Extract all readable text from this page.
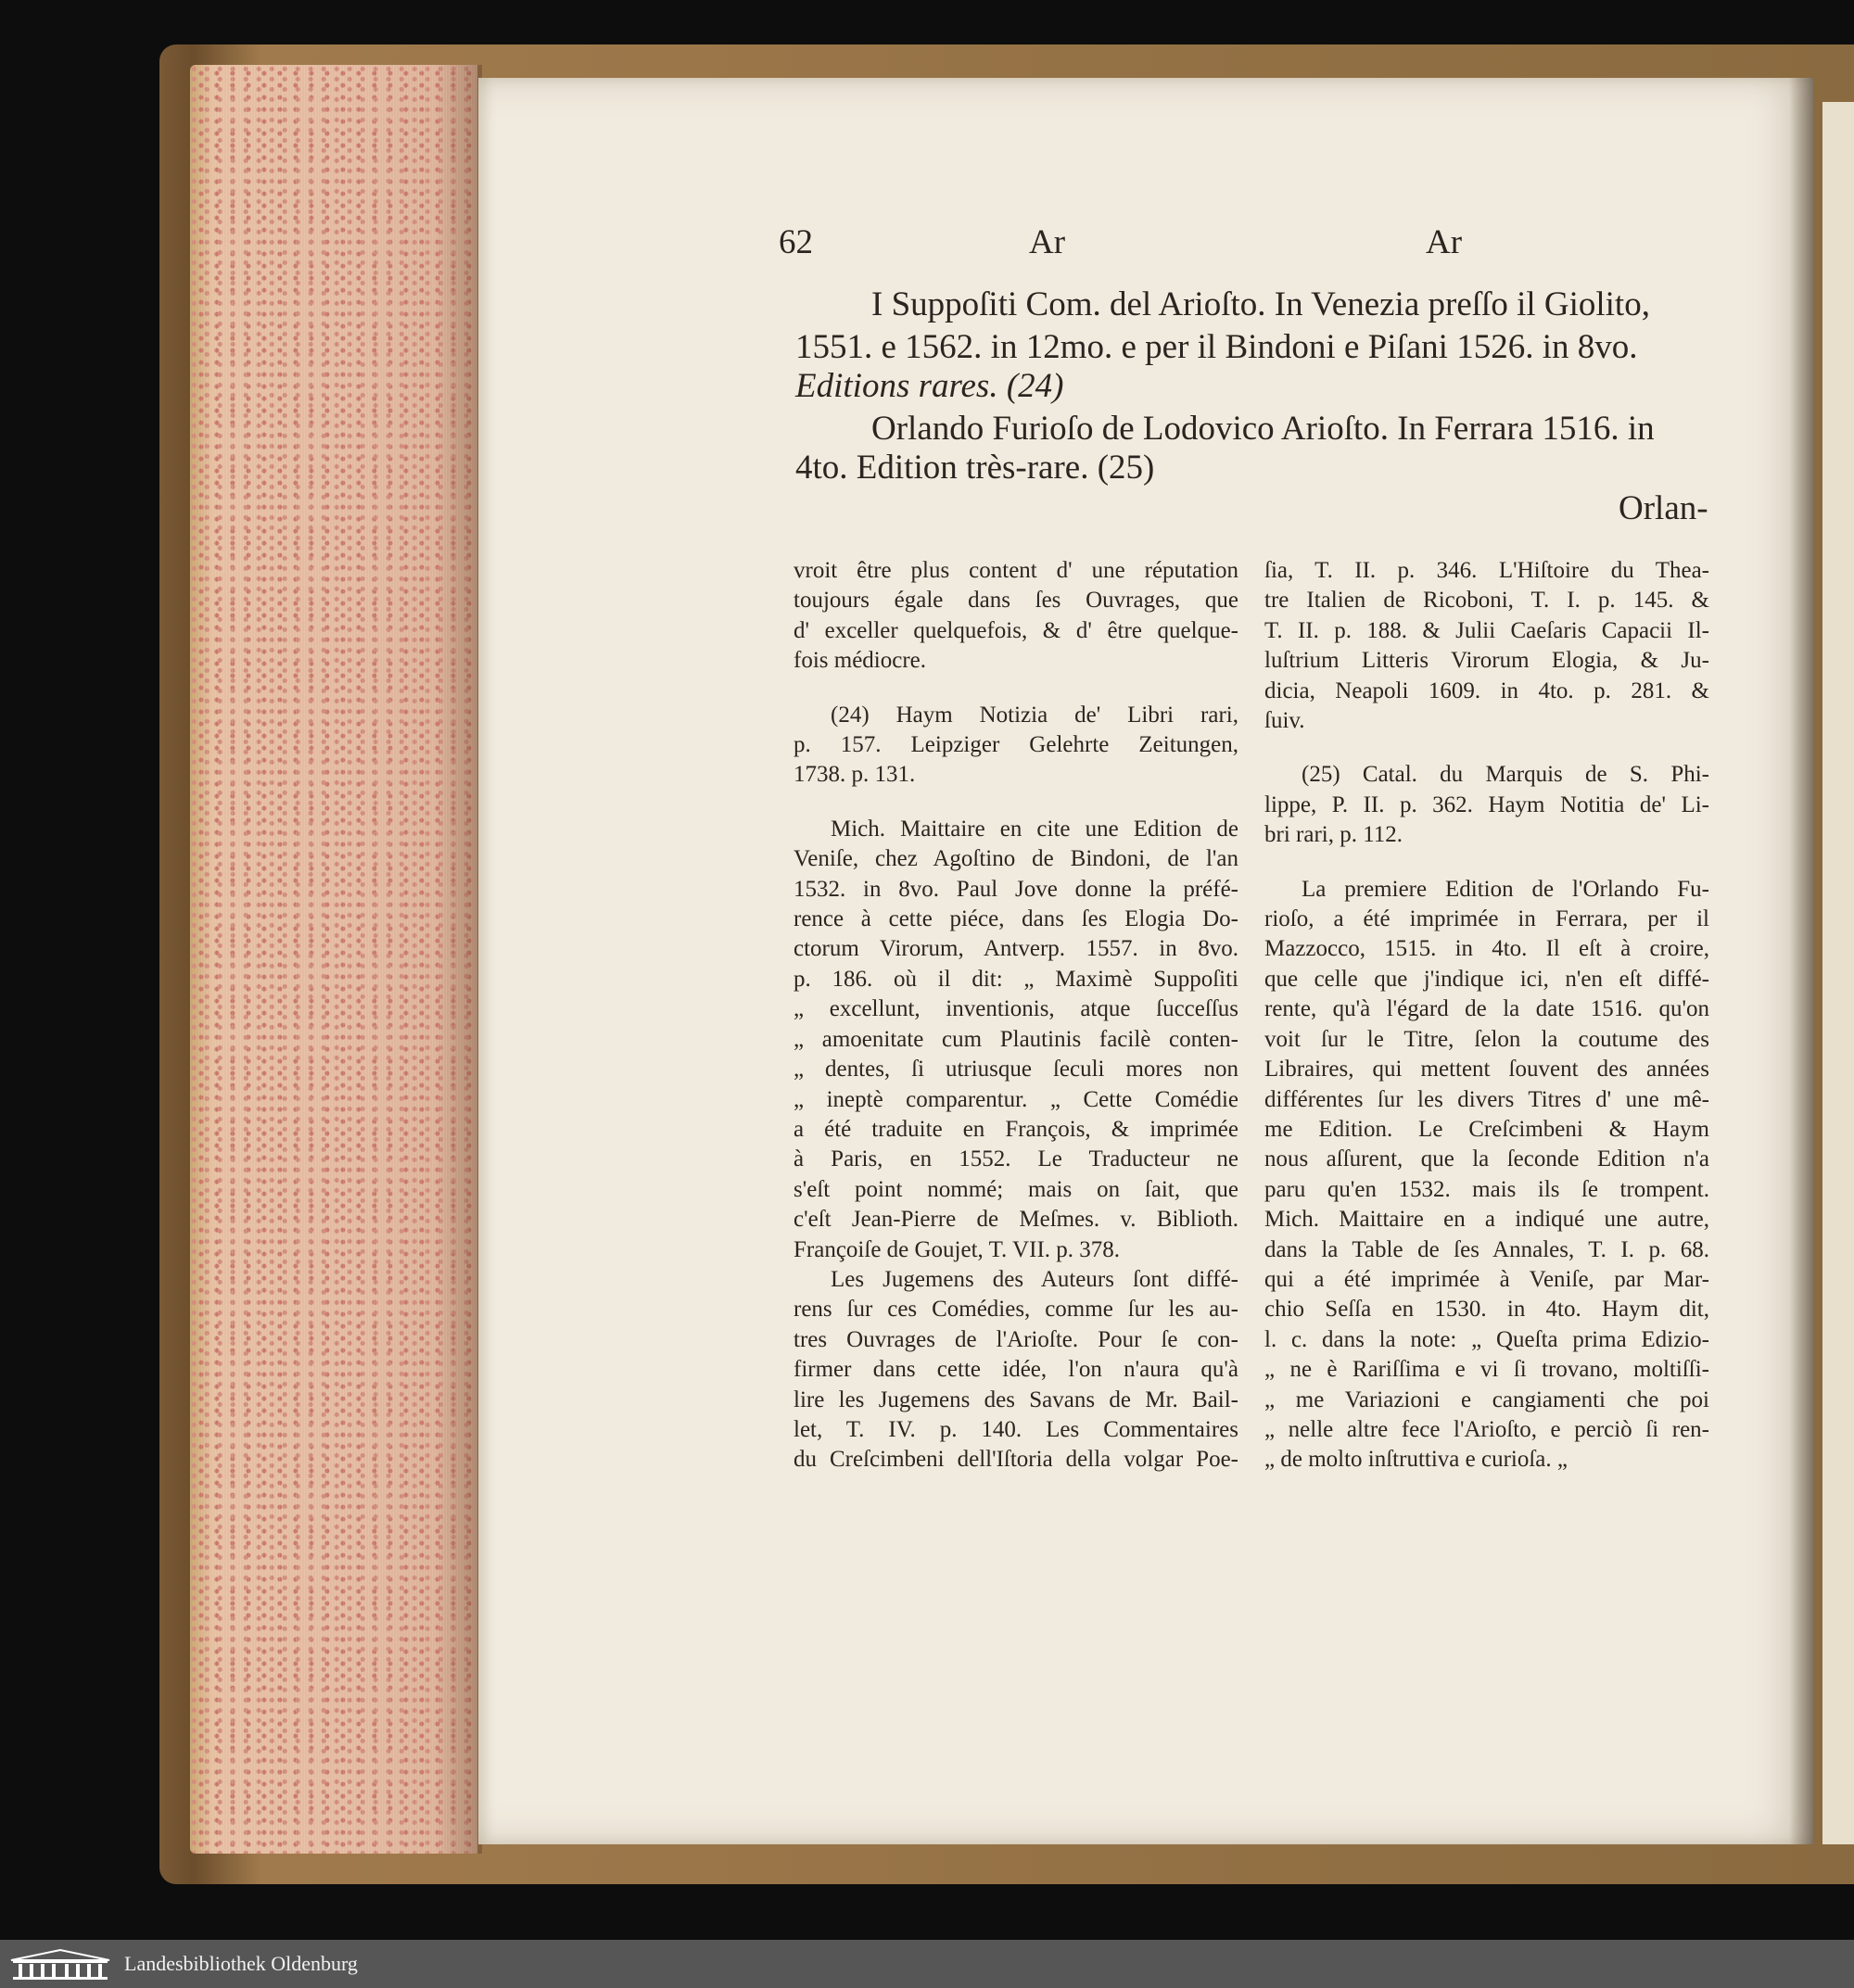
62	Ar	Ar
I Suppoſiti Com. del Arioſto. In Venezia preſſo il Giolito,
1551. e 1562. in 12mo. e per il Bindoni e Piſani 1526. in 8vo.
Editions rares. (24)
Orlando Furioſo de Lodovico Arioſto. In Ferrara 1516. in
4to. Edition très-rare. (25)
Orlan-

vroit être plus content d' une réputation

toujours égale dans ſes Ouvrages, que

d' exceller quelquefois, & d' être quelque-

fois médiocre.

(24) Haym Notizia de' Libri rari,

p. 157. Leipziger Gelehrte Zeitungen,

1738. p. 131.

Mich. Maittaire en cite une Edition de

Veniſe, chez Agoſtino de Bindoni, de l'an

1532. in 8vo. Paul Jove donne la préfé-

rence à cette piéce, dans ſes Elogia Do-

ctorum Virorum, Antverp. 1557. in 8vo.

p. 186. où il dit: „ Maximè Suppoſiti

„ excellunt, inventionis, atque ſucceſſus

„ amoenitate cum Plautinis facilè conten-

„ dentes, ſi utriusque ſeculi mores non

„ ineptè comparentur. „ Cette Comédie

a été traduite en François, & imprimée

à Paris, en 1552. Le Traducteur ne

s'eſt point nommé; mais on ſait, que

c'eſt Jean-Pierre de Meſmes. v. Biblioth.

Françoiſe de Goujet, T. VII. p. 378.

Les Jugemens des Auteurs ſont diffé-

rens ſur ces Comédies, comme ſur les au-

tres Ouvrages de l'Arioſte. Pour ſe con-

firmer dans cette idée, l'on n'aura qu'à

lire les Jugemens des Savans de Mr. Bail-

let, T. IV. p. 140. Les Commentaires

du Creſcimbeni dell'Iſtoria della volgar Poe-

ſia, T. II. p. 346. L'Hiſtoire du Thea-

tre Italien de Ricoboni, T. I. p. 145. &

T. II. p. 188. & Julii Caeſaris Capacii Il-

luſtrium Litteris Virorum Elogia, & Ju-

dicia, Neapoli 1609. in 4to. p. 281. &

ſuiv.

(25) Catal. du Marquis de S. Phi-

lippe, P. II. p. 362. Haym Notitia de' Li-

bri rari, p. 112.

La premiere Edition de l'Orlando Fu-

rioſo, a été imprimée in Ferrara, per il

Mazzocco, 1515. in 4to. Il eſt à croire,

que celle que j'indique ici, n'en eſt diffé-

rente, qu'à l'égard de la date 1516. qu'on

voit ſur le Titre, ſelon la coutume des

Libraires, qui mettent ſouvent des années

différentes ſur les divers Titres d' une mê-

me Edition. Le Creſcimbeni & Haym

nous aſſurent, que la ſeconde Edition n'a

paru qu'en 1532. mais ils ſe trompent.

Mich. Maittaire en a indiqué une autre,

dans la Table de ſes Annales, T. I. p. 68.

qui a été imprimée à Veniſe, par Mar-

chio Seſſa en 1530. in 4to. Haym dit,

l. c. dans la note: „ Queſta prima Edizio-

„ ne è Rariſſima e vi ſi trovano, moltiſſi-

„ me Variazioni e cangiamenti che poi

„ nelle altre fece l'Arioſto, e perciò ſi ren-

„ de molto inſtruttiva e curioſa. „

Landesbibliothek Oldenburg
